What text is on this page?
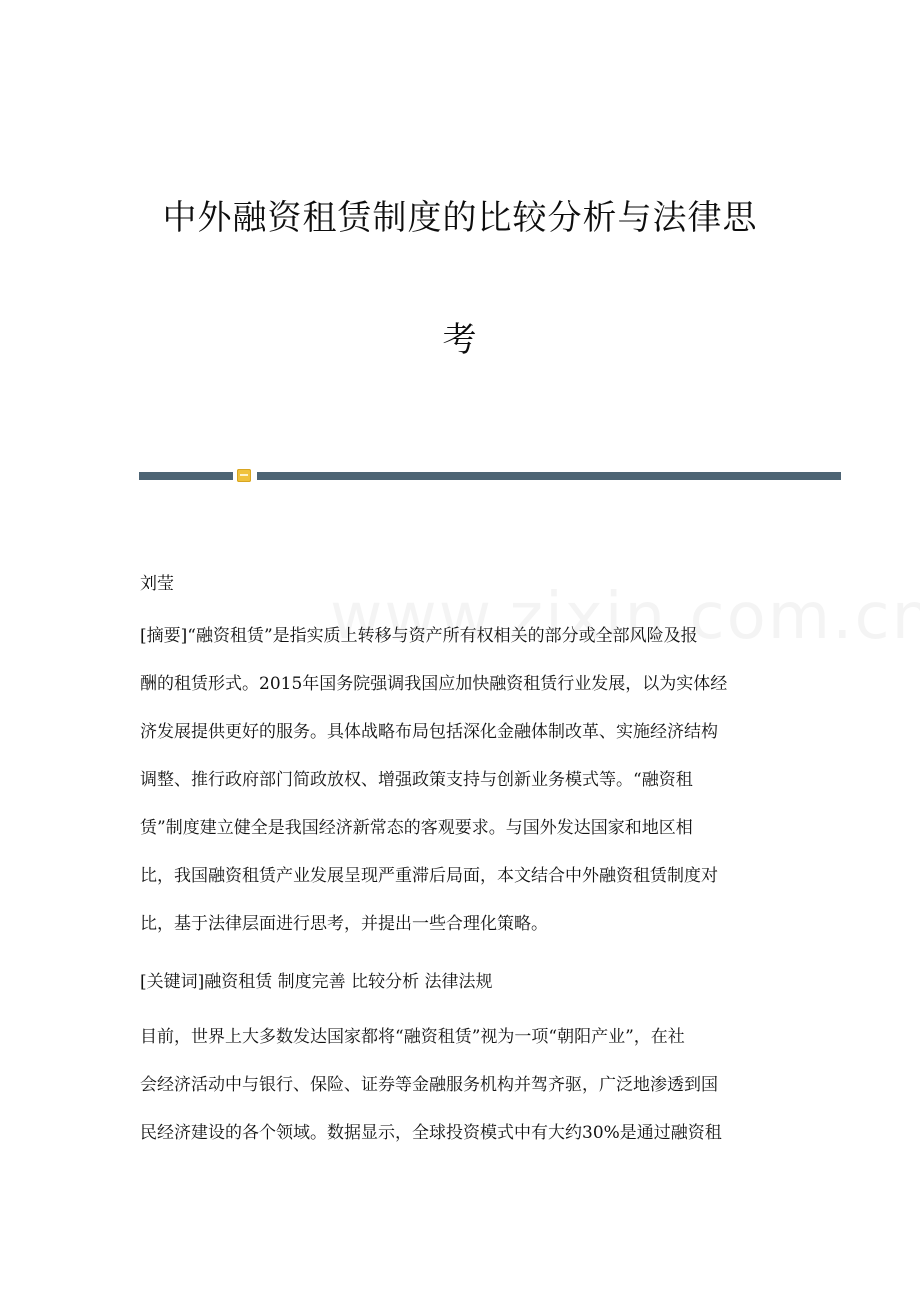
中外融资租赁制度的比较分析与法律思
考

刘莹

[摘要]“融资租赁”是指实质上转移与资产所有权相关的部分或全部风险及报
酬的租赁形式。2015年国务院强调我国应加快融资租赁行业发展，以为实体经
济发展提供更好的服务。具体战略布局包括深化金融体制改革、实施经济结构
调整、推行政府部门简政放权、增强政策支持与创新业务模式等。“融资租
赁”制度建立健全是我国经济新常态的客观要求。与国外发达国家和地区相
比，我国融资租赁产业发展呈现严重滞后局面，本文结合中外融资租赁制度对
比，基于法律层面进行思考，并提出一些合理化策略。

[关键词]融资租赁 制度完善 比较分析 法律法规

目前，世界上大多数发达国家都将“融资租赁”视为一项“朝阳产业”，在社
会经济活动中与银行、保险、证券等金融服务机构并驾齐驱，广泛地渗透到国
民经济建设的各个领域。数据显示，全球投资模式中有大约30%是通过融资租
